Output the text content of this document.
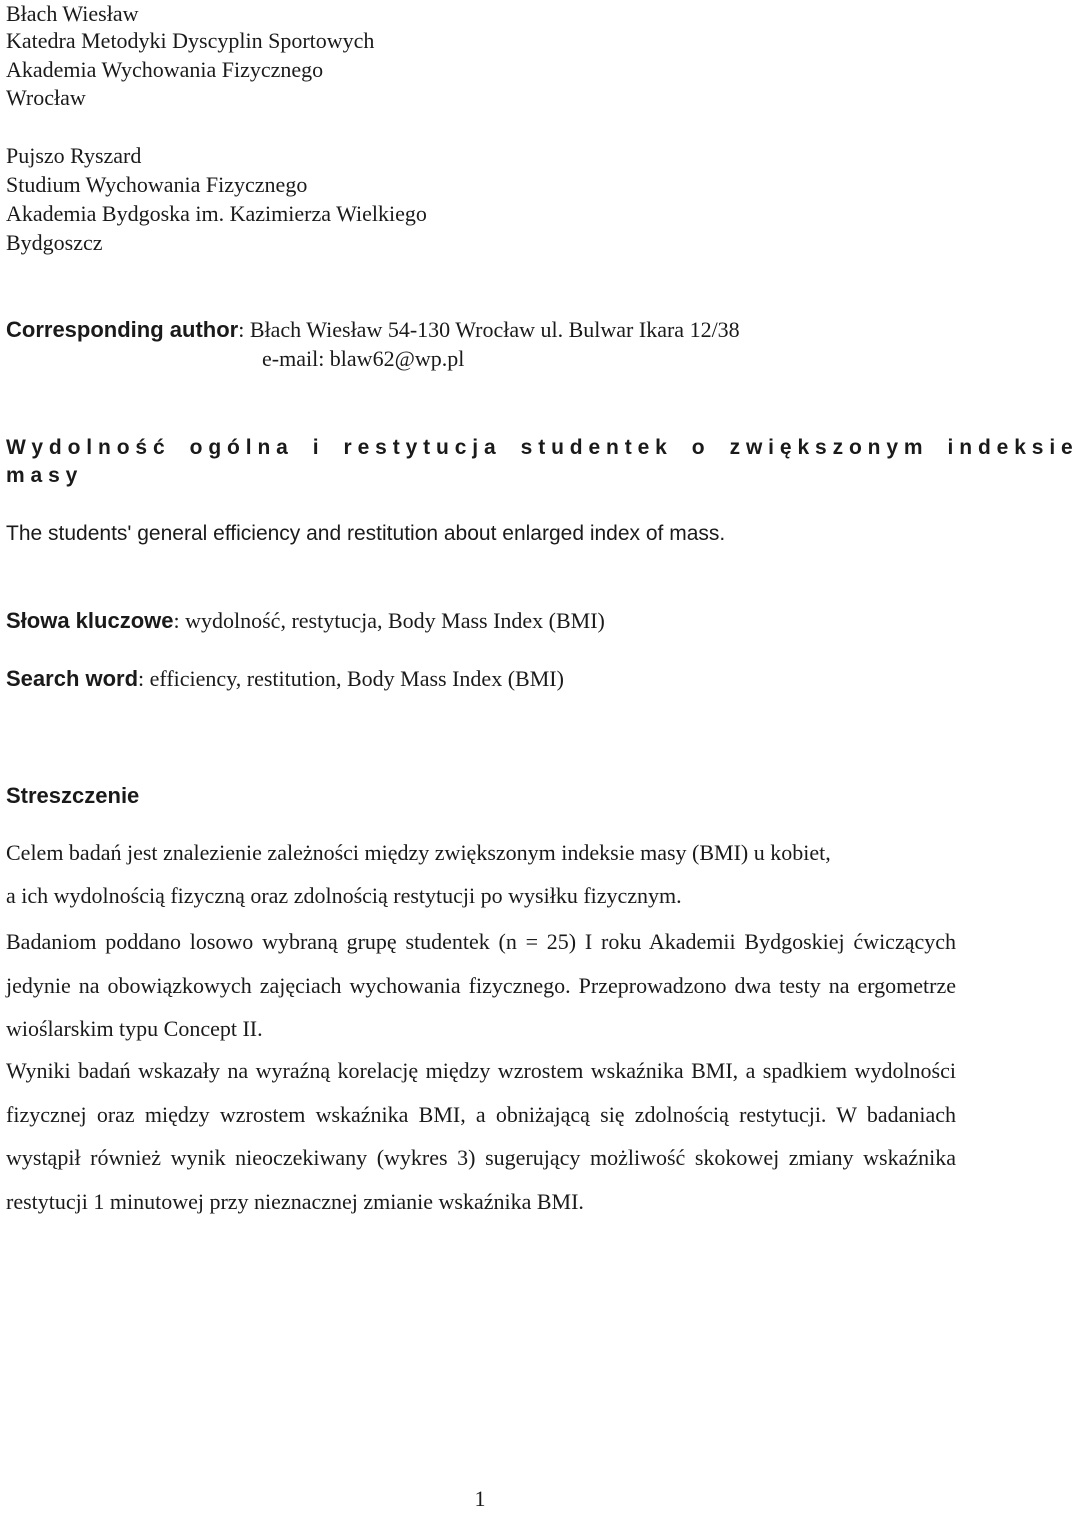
Błach Wiesław
Katedra Metodyki Dyscyplin Sportowych
Akademia Wychowania Fizycznego
Wrocław
Pujszo Ryszard
Studium Wychowania Fizycznego
Akademia Bydgoska im. Kazimierza Wielkiego
Bydgoszcz
Corresponding author: Błach Wiesław 54-130 Wrocław ul. Bulwar Ikara 12/38
e-mail: blaw62@wp.pl
Wydolność ogólna i restytucja studentek o zwiększonym indeksie
masy
The students' general efficiency and restitution about enlarged index of mass.
Słowa kluczowe: wydolność, restytucja, Body Mass Index (BMI)
Search word: efficiency, restitution, Body Mass Index (BMI)
Streszczenie
Celem badań jest znalezienie zależności między zwiększonym indeksie masy (BMI) u kobiet,
a ich wydolnością fizyczną oraz zdolnością restytucji po wysiłku fizycznym.
Badaniom poddano losowo wybraną grupę studentek (n = 25) I roku Akademii Bydgoskiej ćwiczących jedynie na obowiązkowych zajęciach wychowania fizycznego. Przeprowadzono dwa testy na ergometrze wioślarskim typu Concept II.
Wyniki badań wskazały na wyraźną korelację między wzrostem wskaźnika BMI, a spadkiem wydolności fizycznej oraz między wzrostem wskaźnika BMI, a obniżającą się zdolnością restytucji. W badaniach wystąpił również wynik nieoczekiwany (wykres 3) sugerujący możliwość skokowej zmiany wskaźnika restytucji 1 minutowej przy nieznacznej zmianie wskaźnika BMI.
1
